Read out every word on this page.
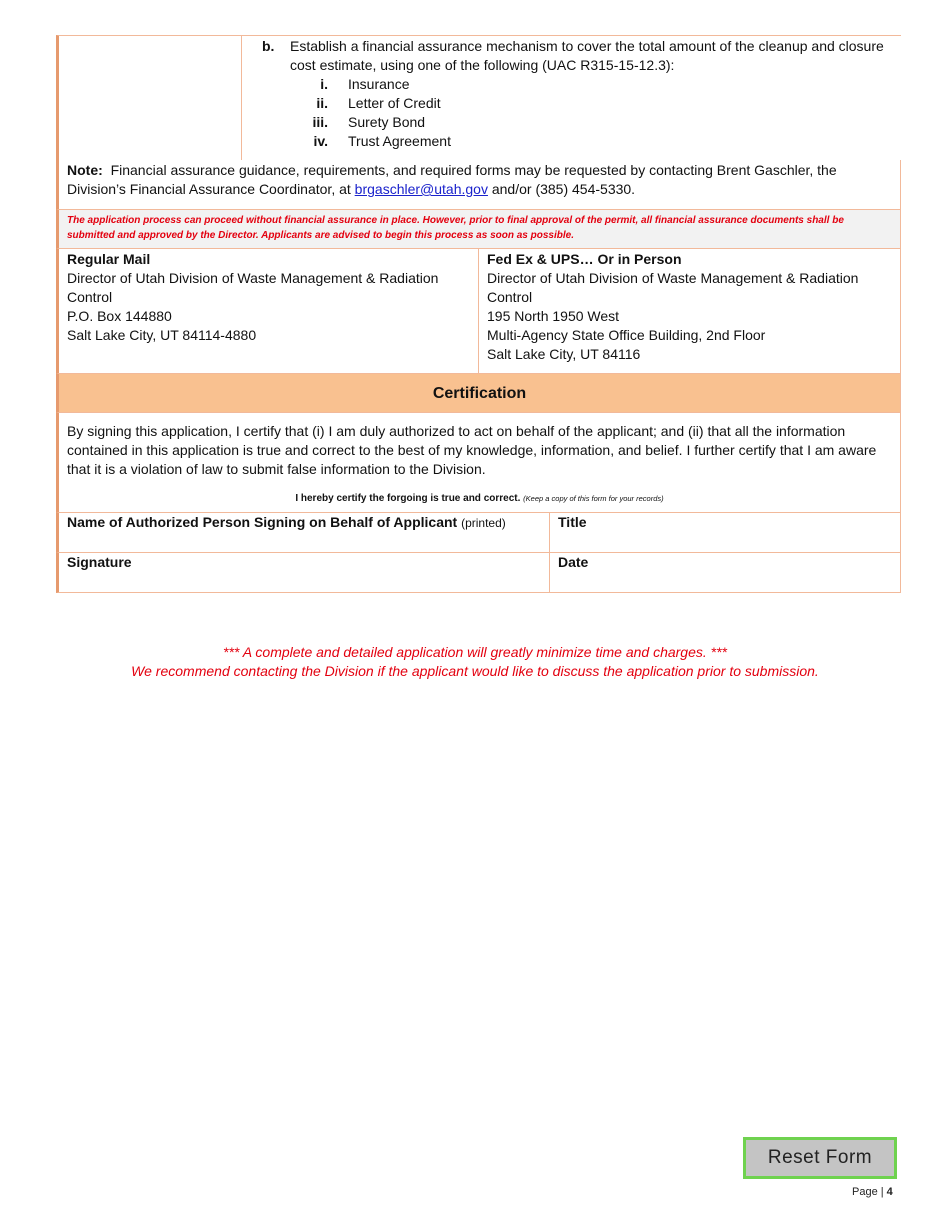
b.	Establish a financial assurance mechanism to cover the total amount of the cleanup and closure cost estimate, using one of the following (UAC R315-15-12.3):
i.	Insurance
ii.	Letter of Credit
iii.	Surety Bond
iv.	Trust Agreement
Note: Financial assurance guidance, requirements, and required forms may be requested by contacting Brent Gaschler, the Division’s Financial Assurance Coordinator, at brgaschler@utah.gov and/or (385) 454-5330.
The application process can proceed without financial assurance in place. However, prior to final approval of the permit, all financial assurance documents shall be submitted and approved by the Director. Applicants are advised to begin this process as soon as possible.
Regular Mail
Director of Utah Division of Waste Management & Radiation Control
P.O. Box 144880
Salt Lake City, UT 84114-4880
Fed Ex & UPS… Or in Person
Director of Utah Division of Waste Management & Radiation Control
195 North 1950 West
Multi-Agency State Office Building, 2nd Floor
Salt Lake City, UT 84116
Certification
By signing this application, I certify that (i) I am duly authorized to act on behalf of the applicant; and (ii) that all the information contained in this application is true and correct to the best of my knowledge, information, and belief. I further certify that I am aware that it is a violation of law to submit false information to the Division.
I hereby certify the forgoing is true and correct. (Keep a copy of this form for your records)
Name of Authorized Person Signing on Behalf of Applicant (printed)	Title
Signature	Date
*** A complete and detailed application will greatly minimize time and charges. ***
We recommend contacting the Division if the applicant would like to discuss the application prior to submission.
Reset Form
Page | 4
